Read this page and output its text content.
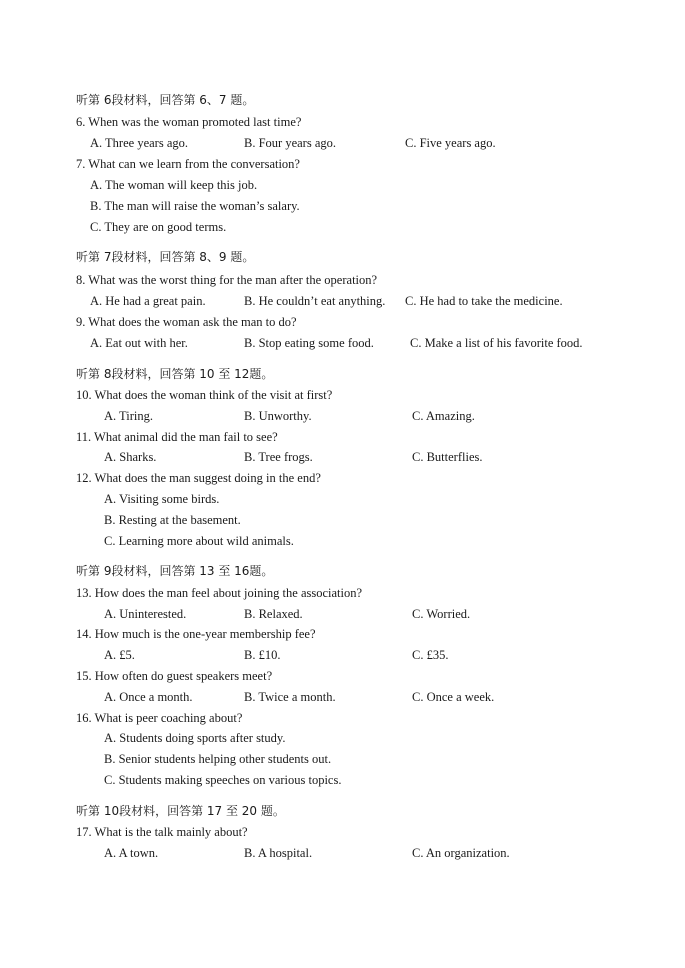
听第 6段材料，回答第 6、7 题。
6. When was the woman promoted last time?
A. Three years ago.	B. Four years ago.	C. Five years ago.
7. What can we learn from the conversation?
A. The woman will keep this job.
B. The man will raise the woman’s salary.
C. They are on good terms.
听第 7段材料，回答第 8、9 题。
8. What was the worst thing for the man after the operation?
A. He had a great pain.	B. He couldn’t eat anything. C. He had to take the medicine.
9. What does the woman ask the man to do?
A. Eat out with her.	B. Stop eating some food.	C. Make a list of his favorite food.
听第 8段材料，回答第 10 至 12题。
10. What does the woman think of the visit at first?
A. Tiring.	B. Unworthy.	C. Amazing.
11. What animal did the man fail to see?
A. Sharks.	B. Tree frogs.	C. Butterflies.
12. What does the man suggest doing in the end?
A. Visiting some birds.
B. Resting at the basement.
C. Learning more about wild animals.
听第 9段材料，回答第 13 至 16题。
13. How does the man feel about joining the association?
A. Uninterested.	B. Relaxed.	C. Worried.
14. How much is the one-year membership fee?
A. £5.	B. £10.	C. £35.
15. How often do guest speakers meet?
A. Once a month.	B. Twice a month.	C. Once a week.
16. What is peer coaching about?
A. Students doing sports after study.
B. Senior students helping other students out.
C. Students making speeches on various topics.
听第 10段材料，回答第 17 至 20 题。
17. What is the talk mainly about?
A. A town.	B. A hospital.	C. An organization.
